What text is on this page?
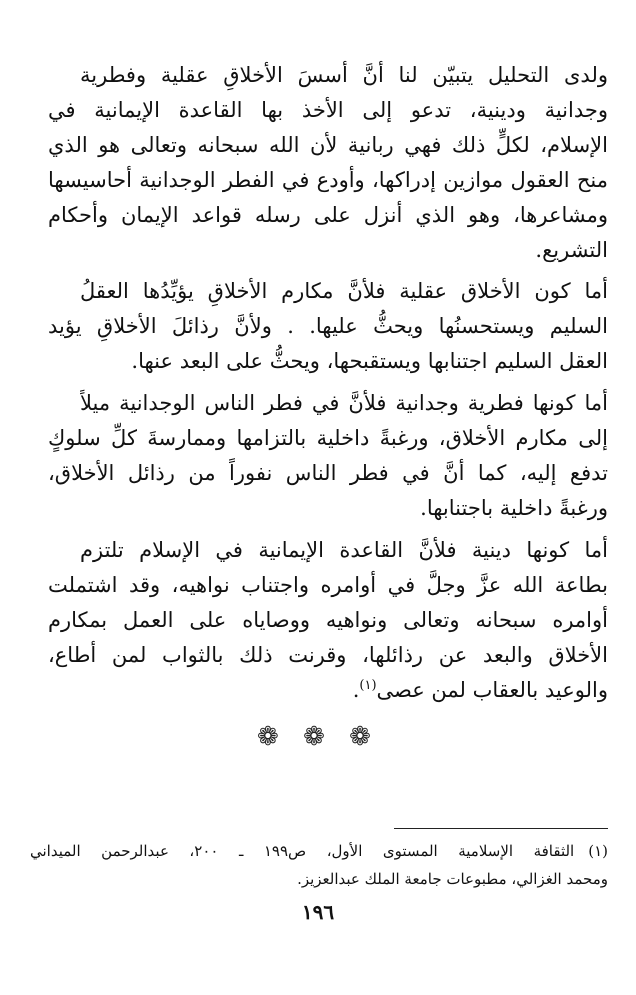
ولدى التحليل يتبيّن لنا أنَّ أسسَ الأخلاقِ عقلية وفطرية
وجدانية ودينية، تدعو إلى الأخذ بها القاعدة الإيمانية في
الإسلام، لكلٍّ ذلك فهي ربانية لأن الله سبحانه وتعالى هو الذي
منح العقول موازين إدراكها، وأودع في الفطر الوجدانية أحاسيسها
ومشاعرها، وهو الذي أنزل على رسله قواعد الإيمان وأحكام
التشريع.
أما كون الأخلاق عقلية فلأنَّ مكارم الأخلاقِ يؤيِّدُها العقلُ
السليم ويستحسنُها ويحثُّ عليها. . ولأنَّ رذائلَ الأخلاقِ يؤيد
العقل السليم اجتنابها ويستقبحها، ويحثُّ على البعد عنها.
أما كونها فطرية وجدانية فلأنَّ في فطر الناس الوجدانية ميلاً
إلى مكارم الأخلاق، ورغبةً داخلية بالتزامها وممارسةَ كلِّ سلوكٍ
تدفع إليه، كما أنَّ في فطر الناس نفوراً من رذائل الأخلاق،
ورغبةً داخلية باجتنابها.
أما كونها دينية فلأنَّ القاعدة الإيمانية في الإسلام تلتزم
بطاعة الله عزَّ وجلَّ في أوامره واجتناب نواهيه، وقد اشتملت
أوامره سبحانه وتعالى ونواهيه ووصاياه على العمل بمكارم
الأخلاق والبعد عن رذائلها، وقرنت ذلك بالثواب لمن أطاع،
والوعيد بالعقاب لمن عصى$^{(١)}$.
❁ ❁ ❁
(١)الثقافة الإسلامية المستوى الأول، ص١٩٩ ـ ٢٠٠، عبدالرحمن الميداني
ومحمد الغزالي، مطبوعات جامعة الملك عبدالعزيز.
١٩٦
